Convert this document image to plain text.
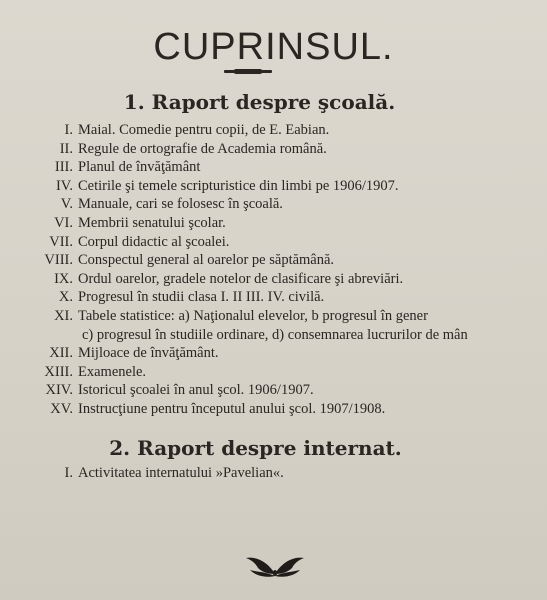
CUPRINSUL.
1. Raport despre şcoală.
I. Maial. Comedie pentru copii, de E. Eabian.
II. Regule de ortografie de Academia română.
III. Planul de învăţământ
IV. Cetirile şi temele scripturistice din limbi pe 1906/1907.
V. Manuale, cari se folosesc în şcoală.
VI. Membrii senatului şcolar.
VII. Corpul didactic al şcoalei.
VIII. Conspectul general al oarelor pe săptămână.
IX. Ordul oarelor, gradele notelor de clasificare şi abreviări.
X. Progresul în studii clasa I. II III. IV. civilă.
XI. Tabele statistice: a) Naţionalul elevelor, b progresul în gener
c) progresul în studiile ordinare, d) consemnarea lucrurilor de mân
XII. Mijloace de învăţământ.
XIII. Examenele.
XIV. Istoricul şcoalei în anul şcol. 1906/1907.
XV. Instrucţiune pentru începutul anului şcol. 1907/1908.
2. Raport despre internat.
I. Activitatea internatului »Pavelian«.
